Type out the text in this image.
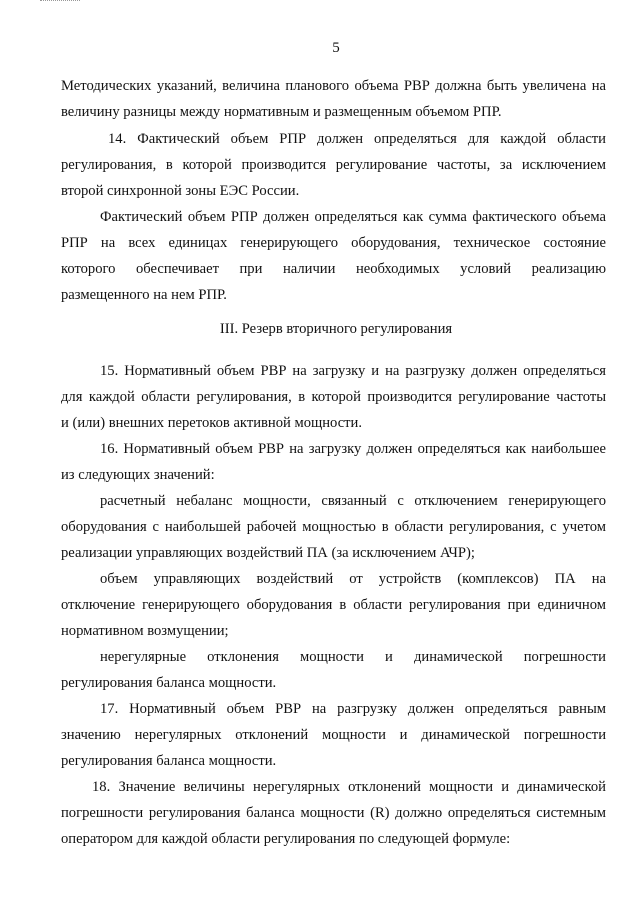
5
Методических указаний, величина планового объема РВР должна быть увеличена на
величину разницы между нормативным и размещенным объемом РПР.
14. Фактический объем РПР должен определяться для каждой области
регулирования, в которой производится регулирование частоты, за исключением
второй синхронной зоны ЕЭС России.
Фактический объем РПР должен определяться как сумма фактического объема
РПР на всех единицах генерирующего оборудования, техническое состояние
которого обеспечивает при наличии необходимых условий реализацию
размещенного на нем РПР.
III. Резерв вторичного регулирования
15. Нормативный объем РВР на загрузку и на разгрузку должен определяться
для каждой области регулирования, в которой производится регулирование частоты
и (или) внешних перетоков активной мощности.
16. Нормативный объем РВР на загрузку должен определяться как наибольшее
из следующих значений:
расчетный небаланс мощности, связанный с отключением генерирующего
оборудования с наибольшей рабочей мощностью в области регулирования, с учетом
реализации управляющих воздействий ПА (за исключением АЧР);
объем управляющих воздействий от устройств (комплексов) ПА на
отключение генерирующего оборудования в области регулирования при единичном
нормативном возмущении;
нерегулярные отклонения мощности и динамической погрешности
регулирования баланса мощности.
17. Нормативный объем РВР на разгрузку должен определяться равным
значению нерегулярных отклонений мощности и динамической погрешности
регулирования баланса мощности.
18. Значение величины нерегулярных отклонений мощности и динамической
погрешности регулирования баланса мощности (R) должно определяться системным
оператором для каждой области регулирования по следующей формуле:
